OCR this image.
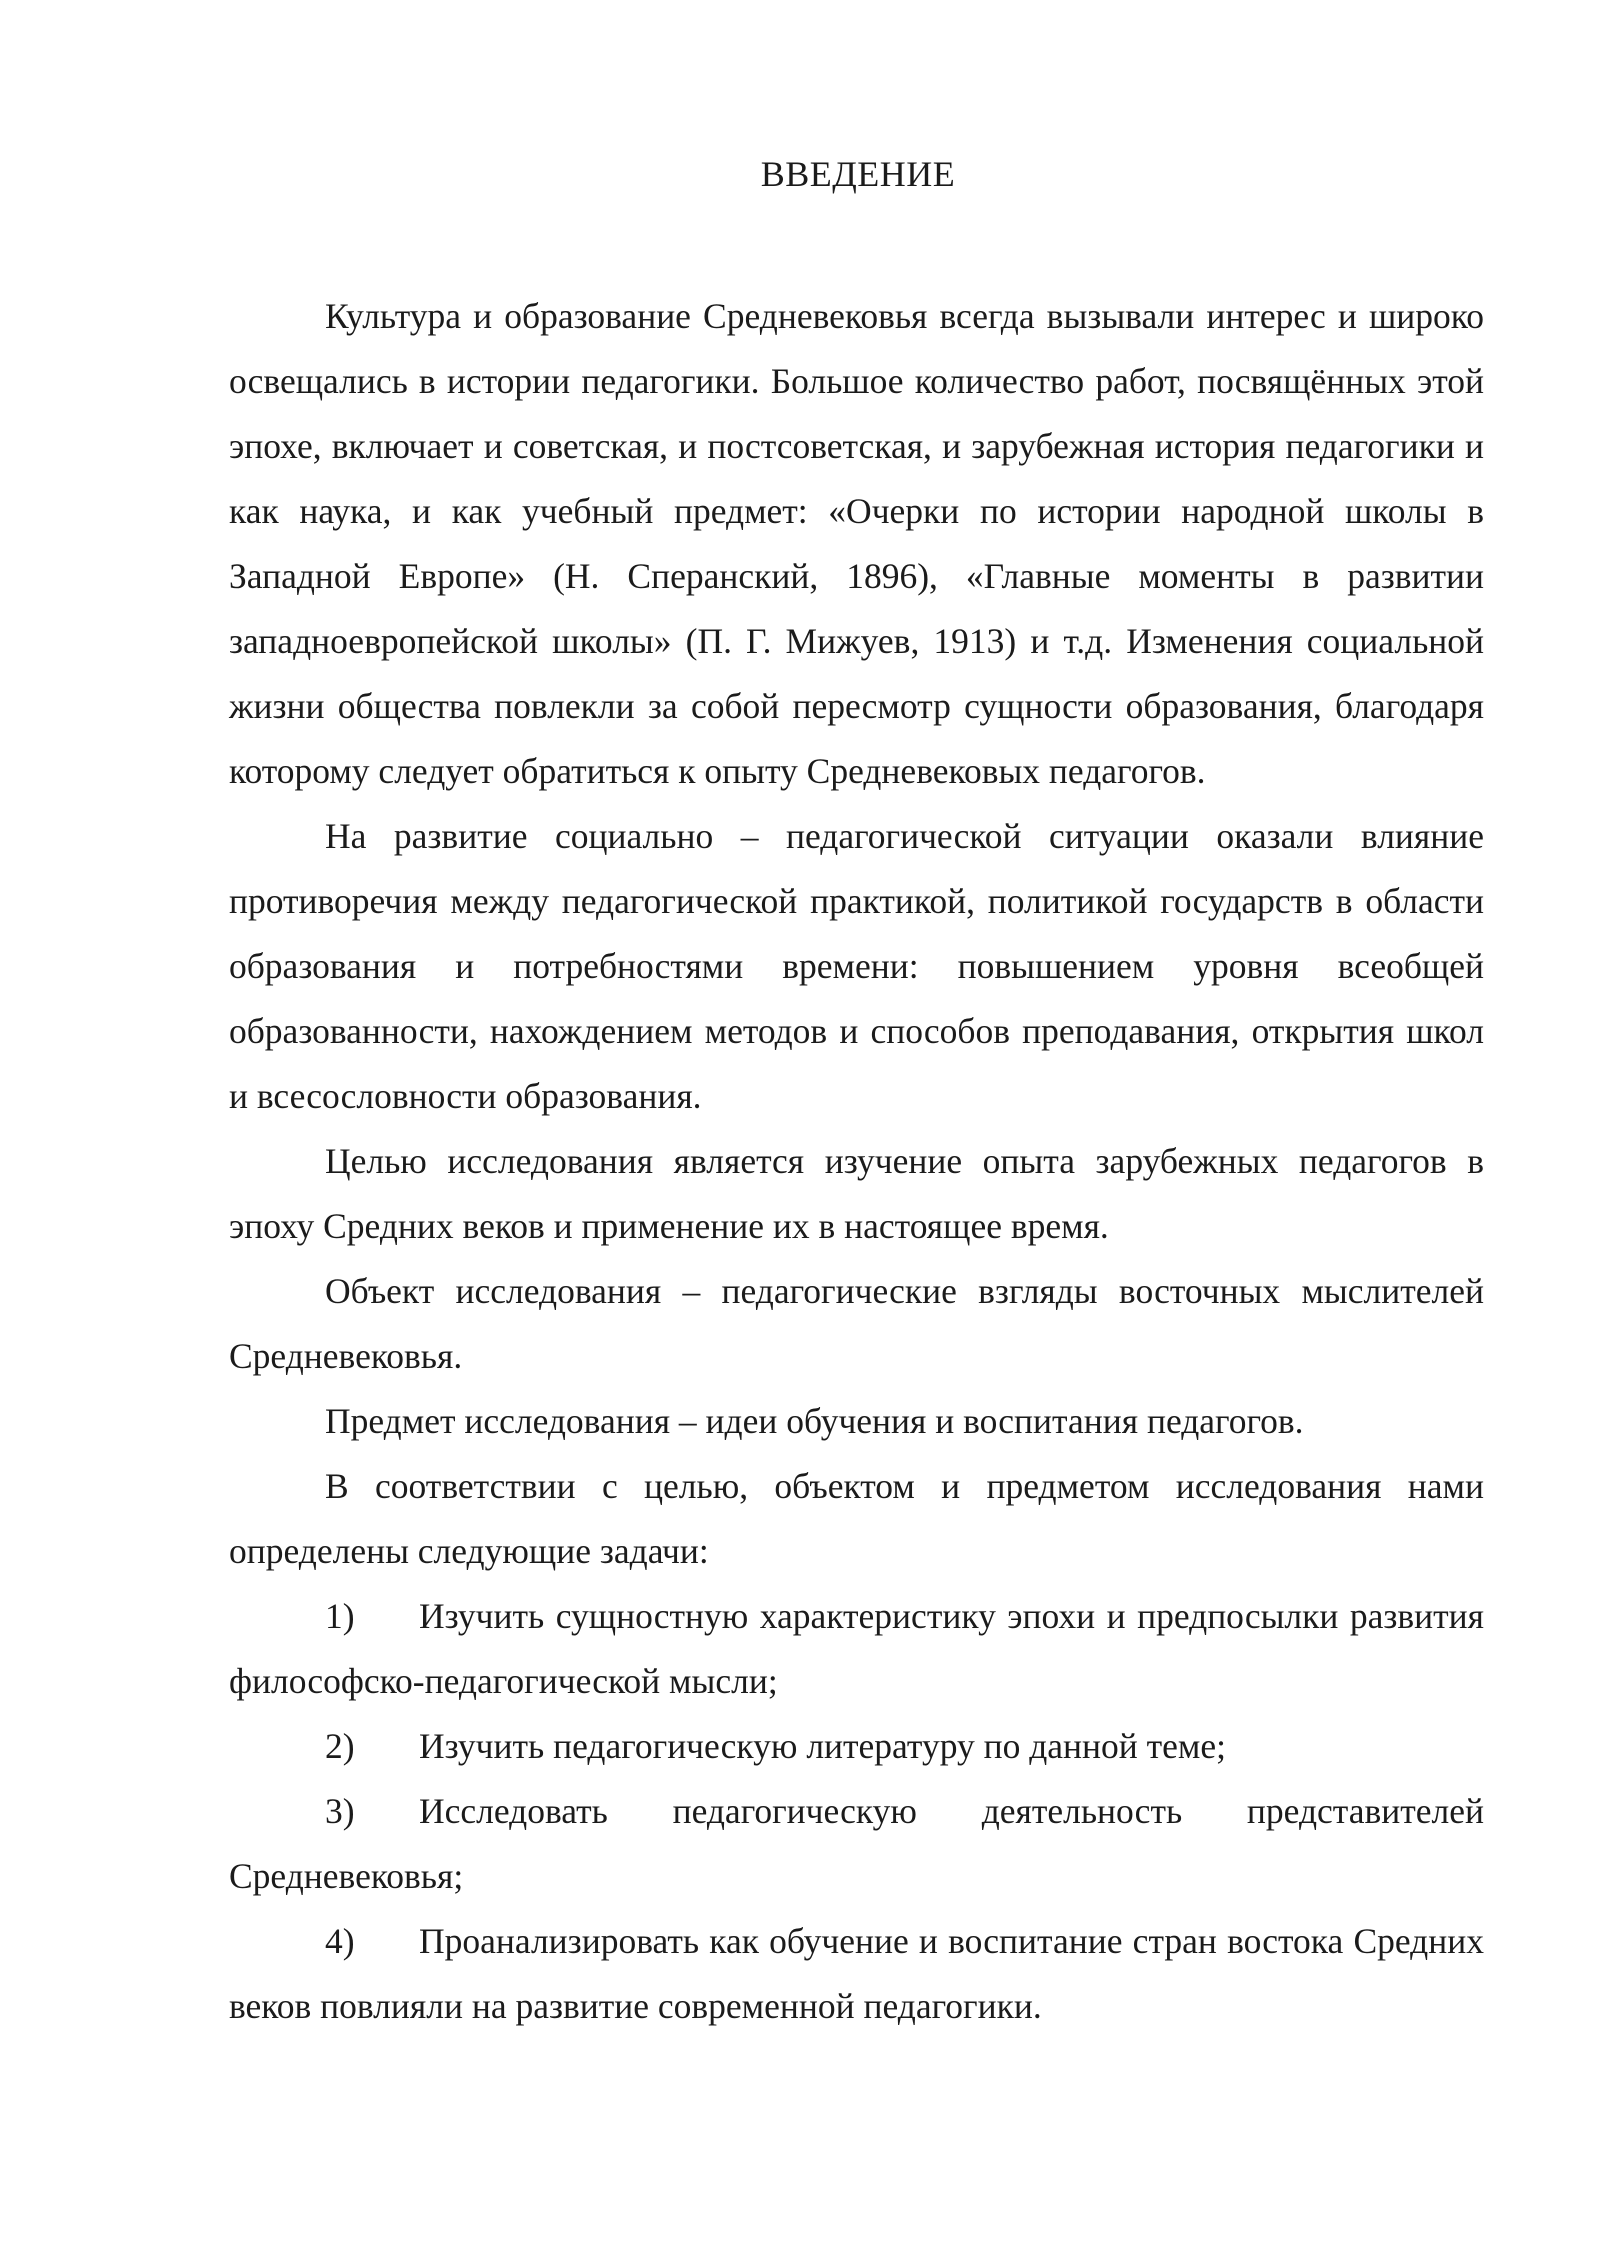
ВВЕДЕНИЕ

Культура и образование Средневековья всегда вызывали интерес и широко освещались в истории педагогики. Большое количество работ, посвящённых этой эпохе, включает и советская, и постсоветская, и зарубежная история педагогики и как наука, и как учебный предмет: «Очерки по истории народной школы в Западной Европе» (Н. Сперанский, 1896), «Главные моменты в развитии западноевропейской школы» (П. Г. Мижуев, 1913) и т.д. Изменения социальной жизни общества повлекли за собой пересмотр сущности образования, благодаря которому следует обратиться к опыту Средневековых педагогов.

На развитие социально – педагогической ситуации оказали влияние противоречия между педагогической практикой, политикой государств в области образования и потребностями времени: повышением уровня всеобщей образованности, нахождением методов и способов преподавания, открытия школ и всесословности образования.

Целью исследования является изучение опыта зарубежных педагогов в эпоху Средних веков и применение их в настоящее время.

Объект исследования – педагогические взгляды восточных мыслителей Средневековья.

Предмет исследования – идеи обучения и воспитания педагогов.

В соответствии с целью, объектом и предметом исследования нами определены следующие задачи:

1) Изучить сущностную характеристику эпохи и предпосылки развития философско-педагогической мысли;

2) Изучить педагогическую литературу по данной теме;

3) Исследовать педагогическую деятельность представителей Средневековья;

4) Проанализировать как обучение и воспитание стран востока Средних веков повлияли на развитие современной педагогики.
